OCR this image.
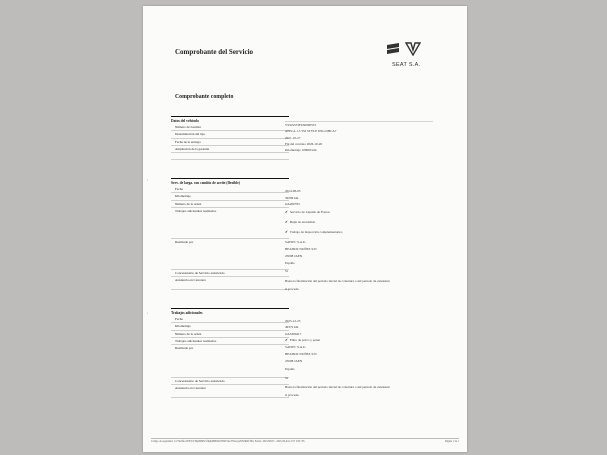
Comprobante del Servicio
SEAT S.A.
Comprobante completo
Datos del vehículo
Número de bastidor
Denominación del tipo
Fecha de la entrega
Ampliación de la garantía
VSSZZZ3FZS0000553
ATECA 1.5 TSI STYLE DSG DHCA7
2021-10-27
Fin del contrato 2026-10-26
Kilometraje 100000 km
▪
Serv. de larga. con cambio de aceite (flexible)
Fecha
Kilometraje
Número de la orden
Trabajos adicionales realizados
Realizado por
Concesionario de Servicio autorizado
Asistencia en Carretera
2024-08-03
39299 km
OA260793
✔ Servicio de Líquido de Frenos
✔ Bujía de encendido
✔ Trabajo de inspección complementarios
SAVIPC S.A.U.
BEATRIZ NUÑEZ S/N
25008 JAEN
España
Sí
Hasta la finalización del período inicial de cobertura o del período de extensión
si procede.
▪	Trabajos adicionales
Fecha
Kilometraje
Número de la orden
Trabajos adicionales realizados
Realizado por
Concesionario de Servicio autorizado
Asistencia en Carretera
2025-12-23
49372 km
OA3300417
✔ Filtro de polvo y polen
SAVIPC S.A.U.
BEATRIZ NUÑEZ S/N
25008 JAEN
España
Sí
Hasta la finalización del período inicial de cobertura o del período de extensión
si procede.
Código de seguridad: 1c27#43fe-D5F7pT39p8M6Wvf9ghd8H84C8N91SiteT7Ka1gaNNrR8rfTPw Fecha: 2025/06/05 - 2025-09-04 12:57 UTC ES	Página 1 de 1
